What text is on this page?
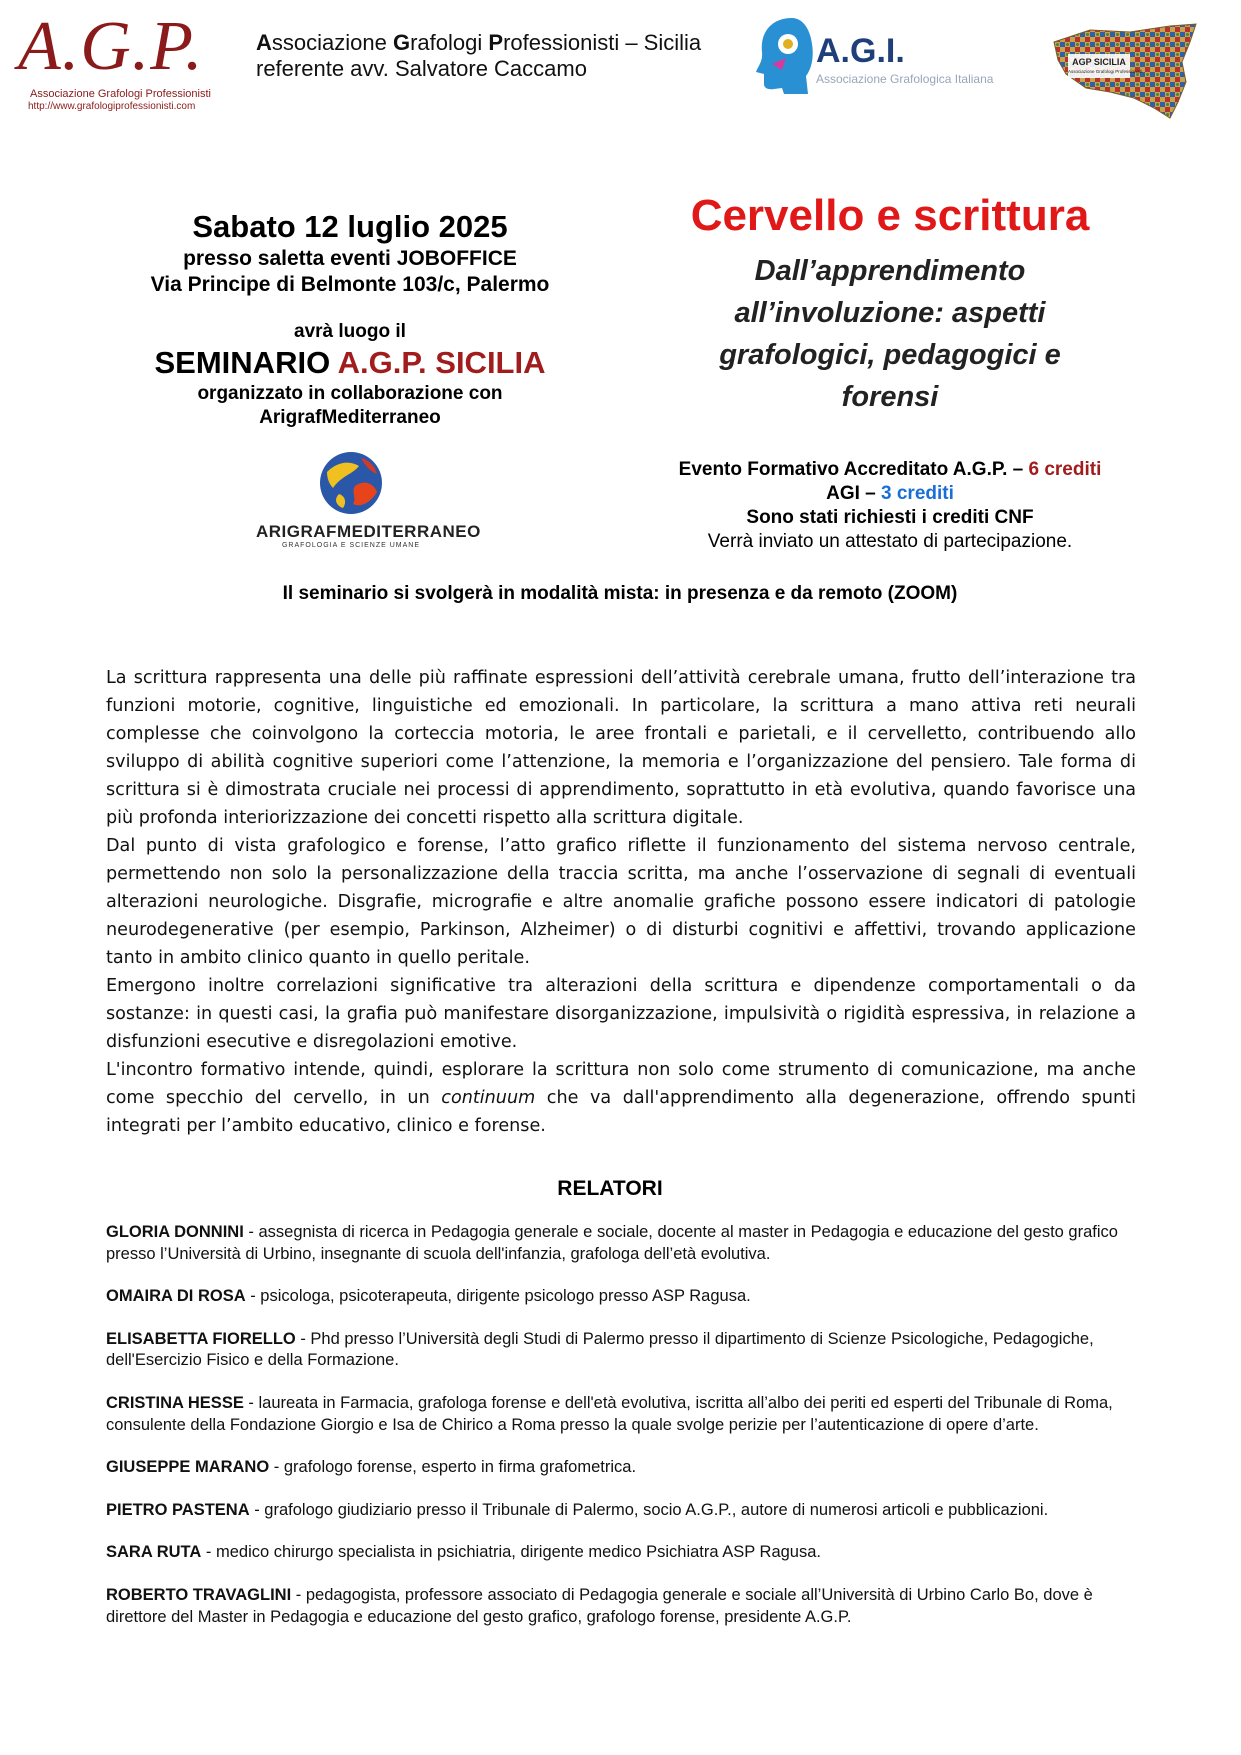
A.G.P.
Associazione Grafologi Professionisti
http://www.grafologiprofessionisti.com
Associazione Grafologi Professionisti – Sicilia
referente avv. Salvatore Caccamo	A.G.I.
Associazione Grafologica Italiana
AGP SICILIA
Associazione Grafologi Professionisti
Sabato 12 luglio 2025
presso saletta eventi JOBOFFICE
Via Principe di Belmonte 103/c, Palermo
avrà luogo il
SEMINARIO A.G.P. SICILIA
organizzato in collaborazione con
ArigrafMediterraneo
ARIGRAFMEDITERRANEO
GRAFOLOGIA E SCIENZE UMANE
Cervello e scrittura
Dall’apprendimento
all’involuzione: aspetti
grafologici, pedagogici e
forensi
Evento Formativo Accreditato A.G.P. – 6 crediti
AGI – 3 crediti
Sono stati richiesti i crediti CNF
Verrà inviato un attestato di partecipazione.
Il seminario si svolgerà in modalità mista: in presenza e da remoto (ZOOM)

La scrittura rappresenta una delle più raffinate espressioni dell’attività cerebrale umana, frutto dell’interazione tra funzioni motorie, cognitive, linguistiche ed emozionali. In particolare, la scrittura a mano attiva reti neurali complesse che coinvolgono la corteccia motoria, le aree frontali e parietali, e il cervelletto, contribuendo allo sviluppo di abilità cognitive superiori come l’attenzione, la memoria e l’organizzazione del pensiero. Tale forma di scrittura si è dimostrata cruciale nei processi di apprendimento, soprattutto in età evolutiva, quando favorisce una più profonda interiorizzazione dei concetti rispetto alla scrittura digitale.

Dal punto di vista grafologico e forense, l’atto grafico riflette il funzionamento del sistema nervoso centrale, permettendo non solo la personalizzazione della traccia scritta, ma anche l’osservazione di segnali di eventuali alterazioni neurologiche. Disgrafie, micrografie e altre anomalie grafiche possono essere indicatori di patologie neurodegenerative (per esempio, Parkinson, Alzheimer) o di disturbi cognitivi e affettivi, trovando applicazione tanto in ambito clinico quanto in quello peritale.

Emergono inoltre correlazioni significative tra alterazioni della scrittura e dipendenze comportamentali o da sostanze: in questi casi, la grafia può manifestare disorganizzazione, impulsività o rigidità espressiva, in relazione a disfunzioni esecutive e disregolazioni emotive.

L'incontro formativo intende, quindi, esplorare la scrittura non solo come strumento di comunicazione, ma anche come specchio del cervello, in un continuum che va dall'apprendimento alla degenerazione, offrendo spunti integrati per l’ambito educativo, clinico e forense.

RELATORI
GLORIA DONNINI - assegnista di ricerca in Pedagogia generale e sociale, docente al master in Pedagogia e educazione del gesto grafico presso l’Università di Urbino, insegnante di scuola dell'infanzia, grafologa dell’età evolutiva.
OMAIRA DI ROSA - psicologa, psicoterapeuta, dirigente psicologo presso ASP Ragusa.
ELISABETTA FIORELLO - Phd presso l’Università degli Studi di Palermo presso il dipartimento di Scienze Psicologiche, Pedagogiche, dell'Esercizio Fisico e della Formazione.
CRISTINA HESSE - laureata in Farmacia, grafologa forense e dell'età evolutiva, iscritta all’albo dei periti ed esperti del Tribunale di Roma, consulente della Fondazione Giorgio e Isa de Chirico a Roma presso la quale svolge perizie per l’autenticazione di opere d’arte.
GIUSEPPE MARANO - grafologo forense, esperto in firma grafometrica.
PIETRO PASTENA - grafologo giudiziario presso il Tribunale di Palermo, socio A.G.P., autore di numerosi articoli e pubblicazioni.
SARA RUTA - medico chirurgo specialista in psichiatria, dirigente medico Psichiatra ASP Ragusa.
ROBERTO TRAVAGLINI - pedagogista, professore associato di Pedagogia generale e sociale all’Università di Urbino Carlo Bo, dove è direttore del Master in Pedagogia e educazione del gesto grafico, grafologo forense, presidente A.G.P.
